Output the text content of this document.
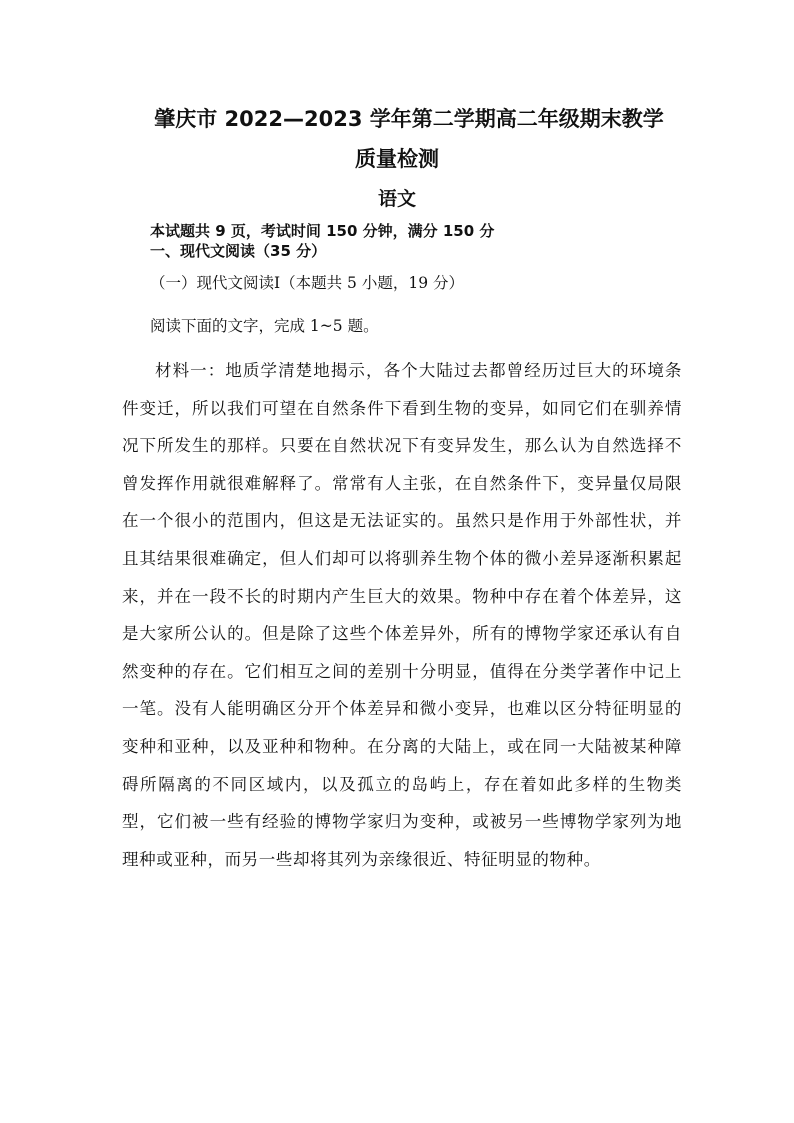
肇庆市 2022—2023 学年第二学期高二年级期末教学
质量检测
语文
本试题共 9 页，考试时间 150 分钟，满分 150 分
一、现代文阅读（35 分）
（一）现代文阅读Ⅰ（本题共 5 小题，19 分）
阅读下面的文字，完成 1~5 题。
材料一：地质学清楚地揭示，各个大陆过去都曾经历过巨大的环境条件变迁，所以我们可望在自然条件下看到生物的变异，如同它们在驯养情况下所发生的那样。只要在自然状况下有变异发生，那么认为自然选择不曾发挥作用就很难解释了。常常有人主张，在自然条件下，变异量仅局限在一个很小的范围内，但这是无法证实的。虽然只是作用于外部性状，并且其结果很难确定，但人们却可以将驯养生物个体的微小差异逐渐积累起来，并在一段不长的时期内产生巨大的效果。物种中存在着个体差异，这是大家所公认的。但是除了这些个体差异外，所有的博物学家还承认有自然变种的存在。它们相互之间的差别十分明显，值得在分类学著作中记上一笔。没有人能明确区分开个体差异和微小变异，也难以区分特征明显的变种和亚种，以及亚种和物种。在分离的大陆上，或在同一大陆被某种障碍所隔离的不同区域内，以及孤立的岛屿上，存在着如此多样的生物类型，它们被一些有经验的博物学家归为变种，或被另一些博物学家列为地理种或亚种，而另一些却将其列为亲缘很近、特征明显的物种。
